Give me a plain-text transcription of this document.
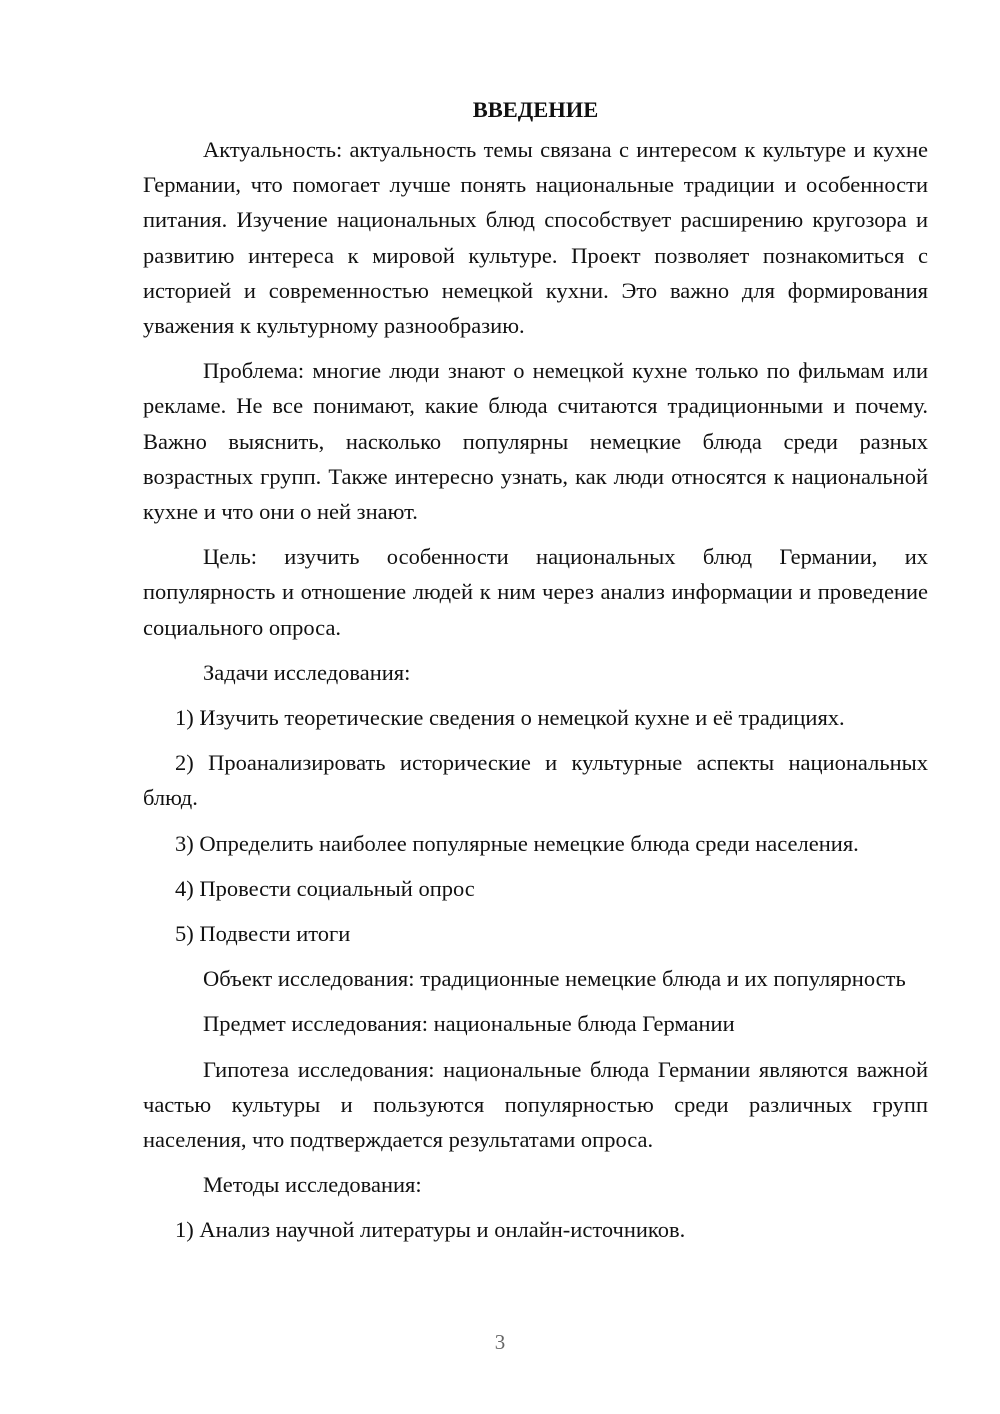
ВВЕДЕНИЕ

Актуальность: актуальность темы связана с интересом к культуре и кухне Германии, что помогает лучше понять национальные традиции и особенности питания. Изучение национальных блюд способствует расширению кругозора и развитию интереса к мировой культуре. Проект позволяет познакомиться с историей и современностью немецкой кухни. Это важно для формирования уважения к культурному разнообразию.

Проблема: многие люди знают о немецкой кухне только по фильмам или рекламе. Не все понимают, какие блюда считаются традиционными и почему. Важно выяснить, насколько популярны немецкие блюда среди разных возрастных групп. Также интересно узнать, как люди относятся к национальной кухне и что они о ней знают.

Цель: изучить особенности национальных блюд Германии, их популярность и отношение людей к ним через анализ информации и проведение социального опроса.

Задачи исследования:

1) Изучить теоретические сведения о немецкой кухне и её традициях.

2) Проанализировать исторические и культурные аспекты национальных блюд.

3) Определить наиболее популярные немецкие блюда среди населения.

4) Провести социальный опрос

5) Подвести итоги

Объект исследования: традиционные немецкие блюда и их популярность

Предмет исследования: национальные блюда Германии

Гипотеза исследования: национальные блюда Германии являются важной частью культуры и пользуются популярностью среди различных групп населения, что подтверждается результатами опроса.

Методы исследования:

1) Анализ научной литературы и онлайн-источников.

3
